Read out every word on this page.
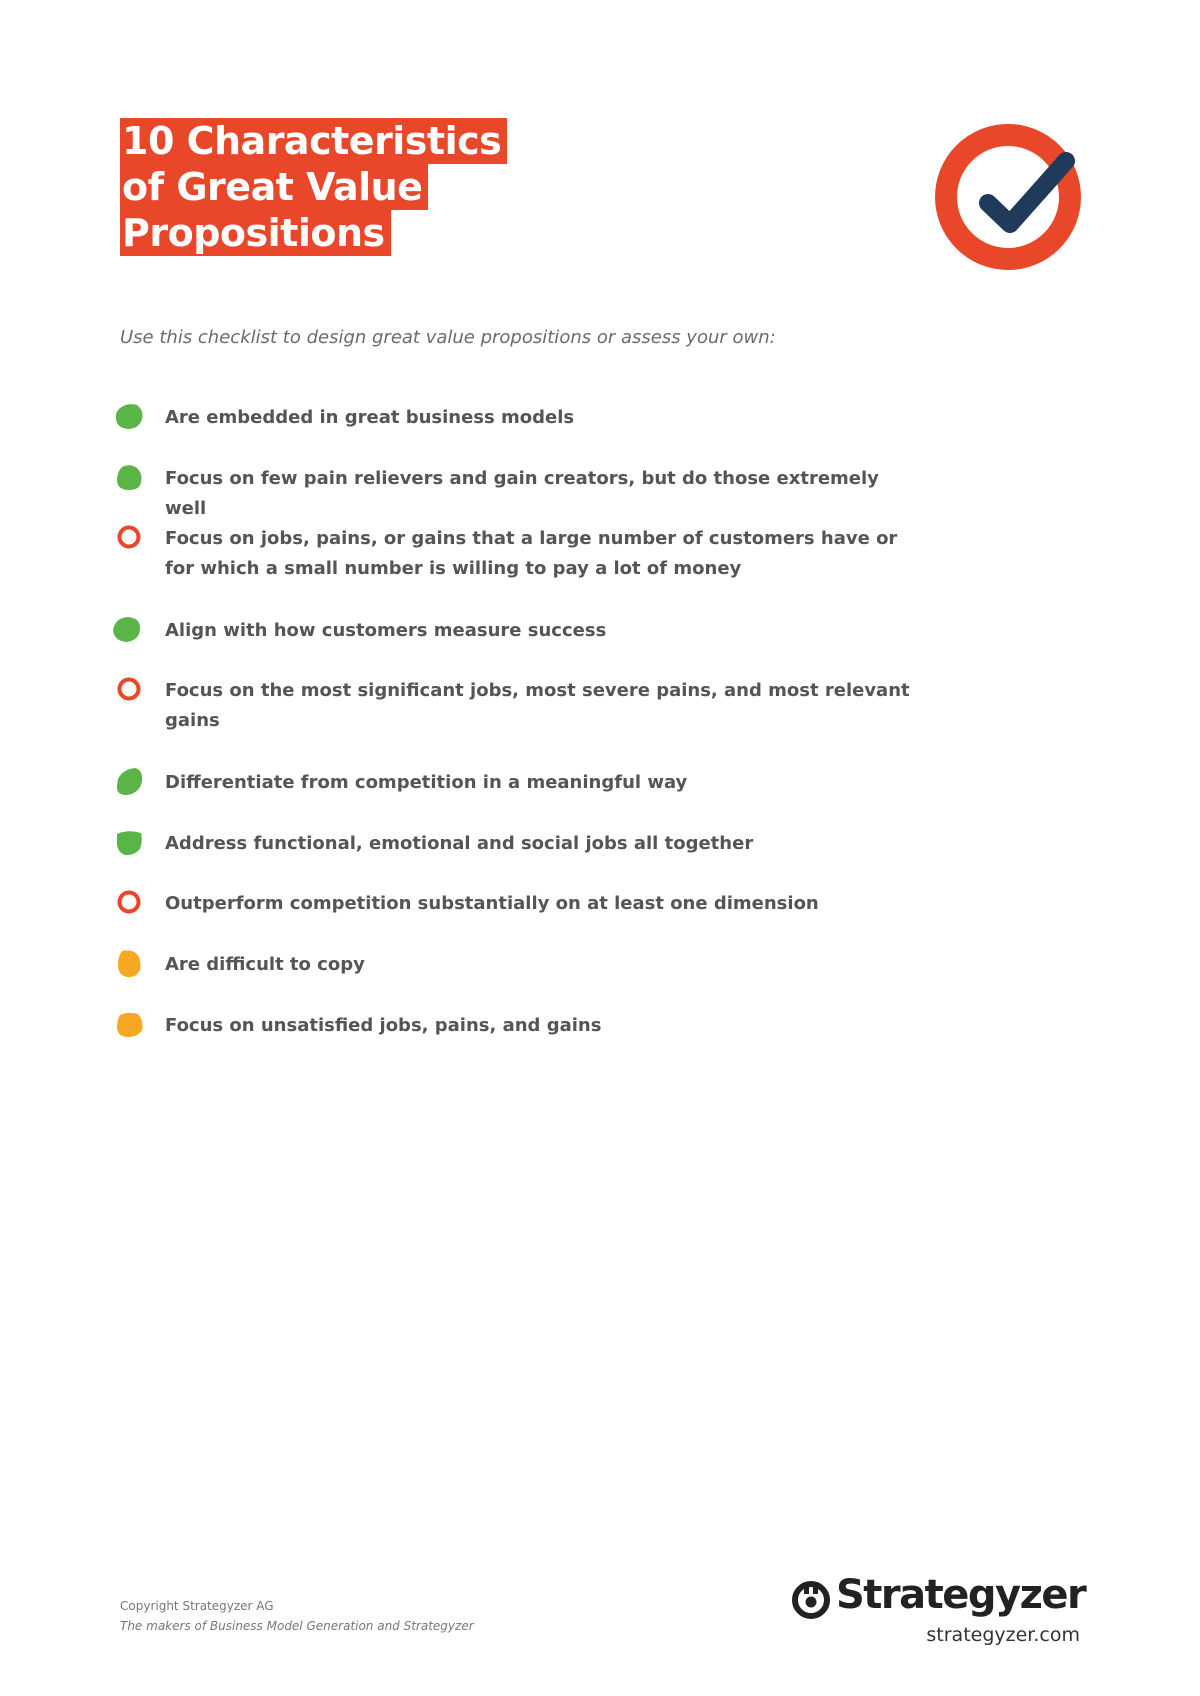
10 Characteristics
of Great Value
Propositions
Use this checklist to design great value propositions or assess your own:
Are embedded in great business models
Focus on few pain relievers and gain creators, but do those extremely well
Focus on jobs, pains, or gains that a large number of customers have or for which a small number is willing to pay a lot of money
Align with how customers measure success
Focus on the most significant jobs, most severe pains, and most relevant gains
Differentiate from competition in a meaningful way
Address functional, emotional and social jobs all together
Outperform competition substantially on at least one dimension
Are difficult to copy
Focus on unsatisfied jobs, pains, and gains
Copyright Strategyzer AG
The makers of Business Model Generation and Strategyzer
Strategyzer
strategyzer.com
